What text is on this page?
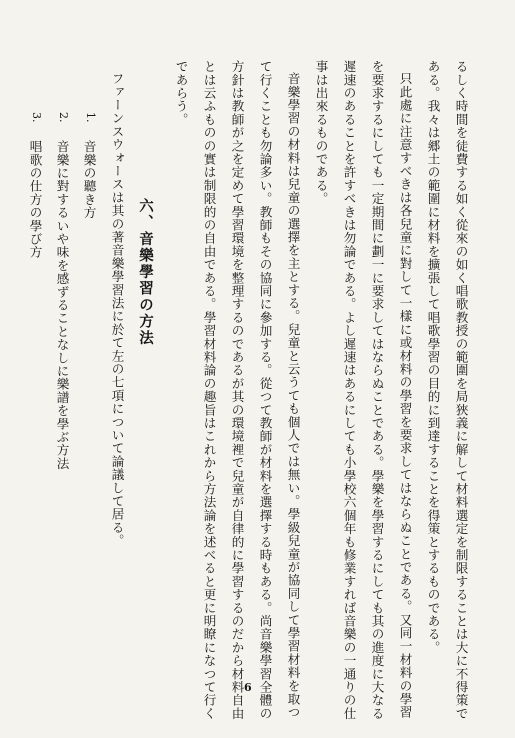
るしく時間を徒費する如く從來の如く唱歌教授の範圍を局狹義に解して材料選定を制限することは大に不得策で
ある。我々は郷土の範圍に材料を擴張して唱歌學習の目的に到達することを得策とするものである。
只此處に注意すべきは各兒童に對して一樣に或材料の學習を要求してはならぬことである。又同一材料の學習
を要求するにしても一定期間に劃一に要求してはならぬことである。學樂を學習するにしても其の進度に大なる
遲速のあることを許すべきは勿論である。よし遲速はあるにしても小學校六個年も修業すれば音樂の一通りの仕
事は出來るものである。
音樂學習の材料は兒童の選擇を主とする。兒童と云うても個人では無い。學級兒童が協同して學習材料を取つ
て行くことも勿論多い。教師もその協同に參加する。從つて教師が材料を選擇する時もある。尚音樂學習全體の
方針は教師が之を定めて學習環境を整理するのであるが其の環境裡で兒童が自律的に學習するのだから材料自由
とは云ふものの實は制限的の自由である。學習材料論の趣旨はこれから方法論を述べると更に明瞭になつて行く
であらう。
六、音樂學習の方法
ファーンスウォースは其の著音樂學習法に於て左の七項について論議して居る。
1.
音樂の聽き方
2.
音樂に對するいや味を感ずることなしに樂譜を學ぶ方法
3.
唱歌の仕方の學び方
6
